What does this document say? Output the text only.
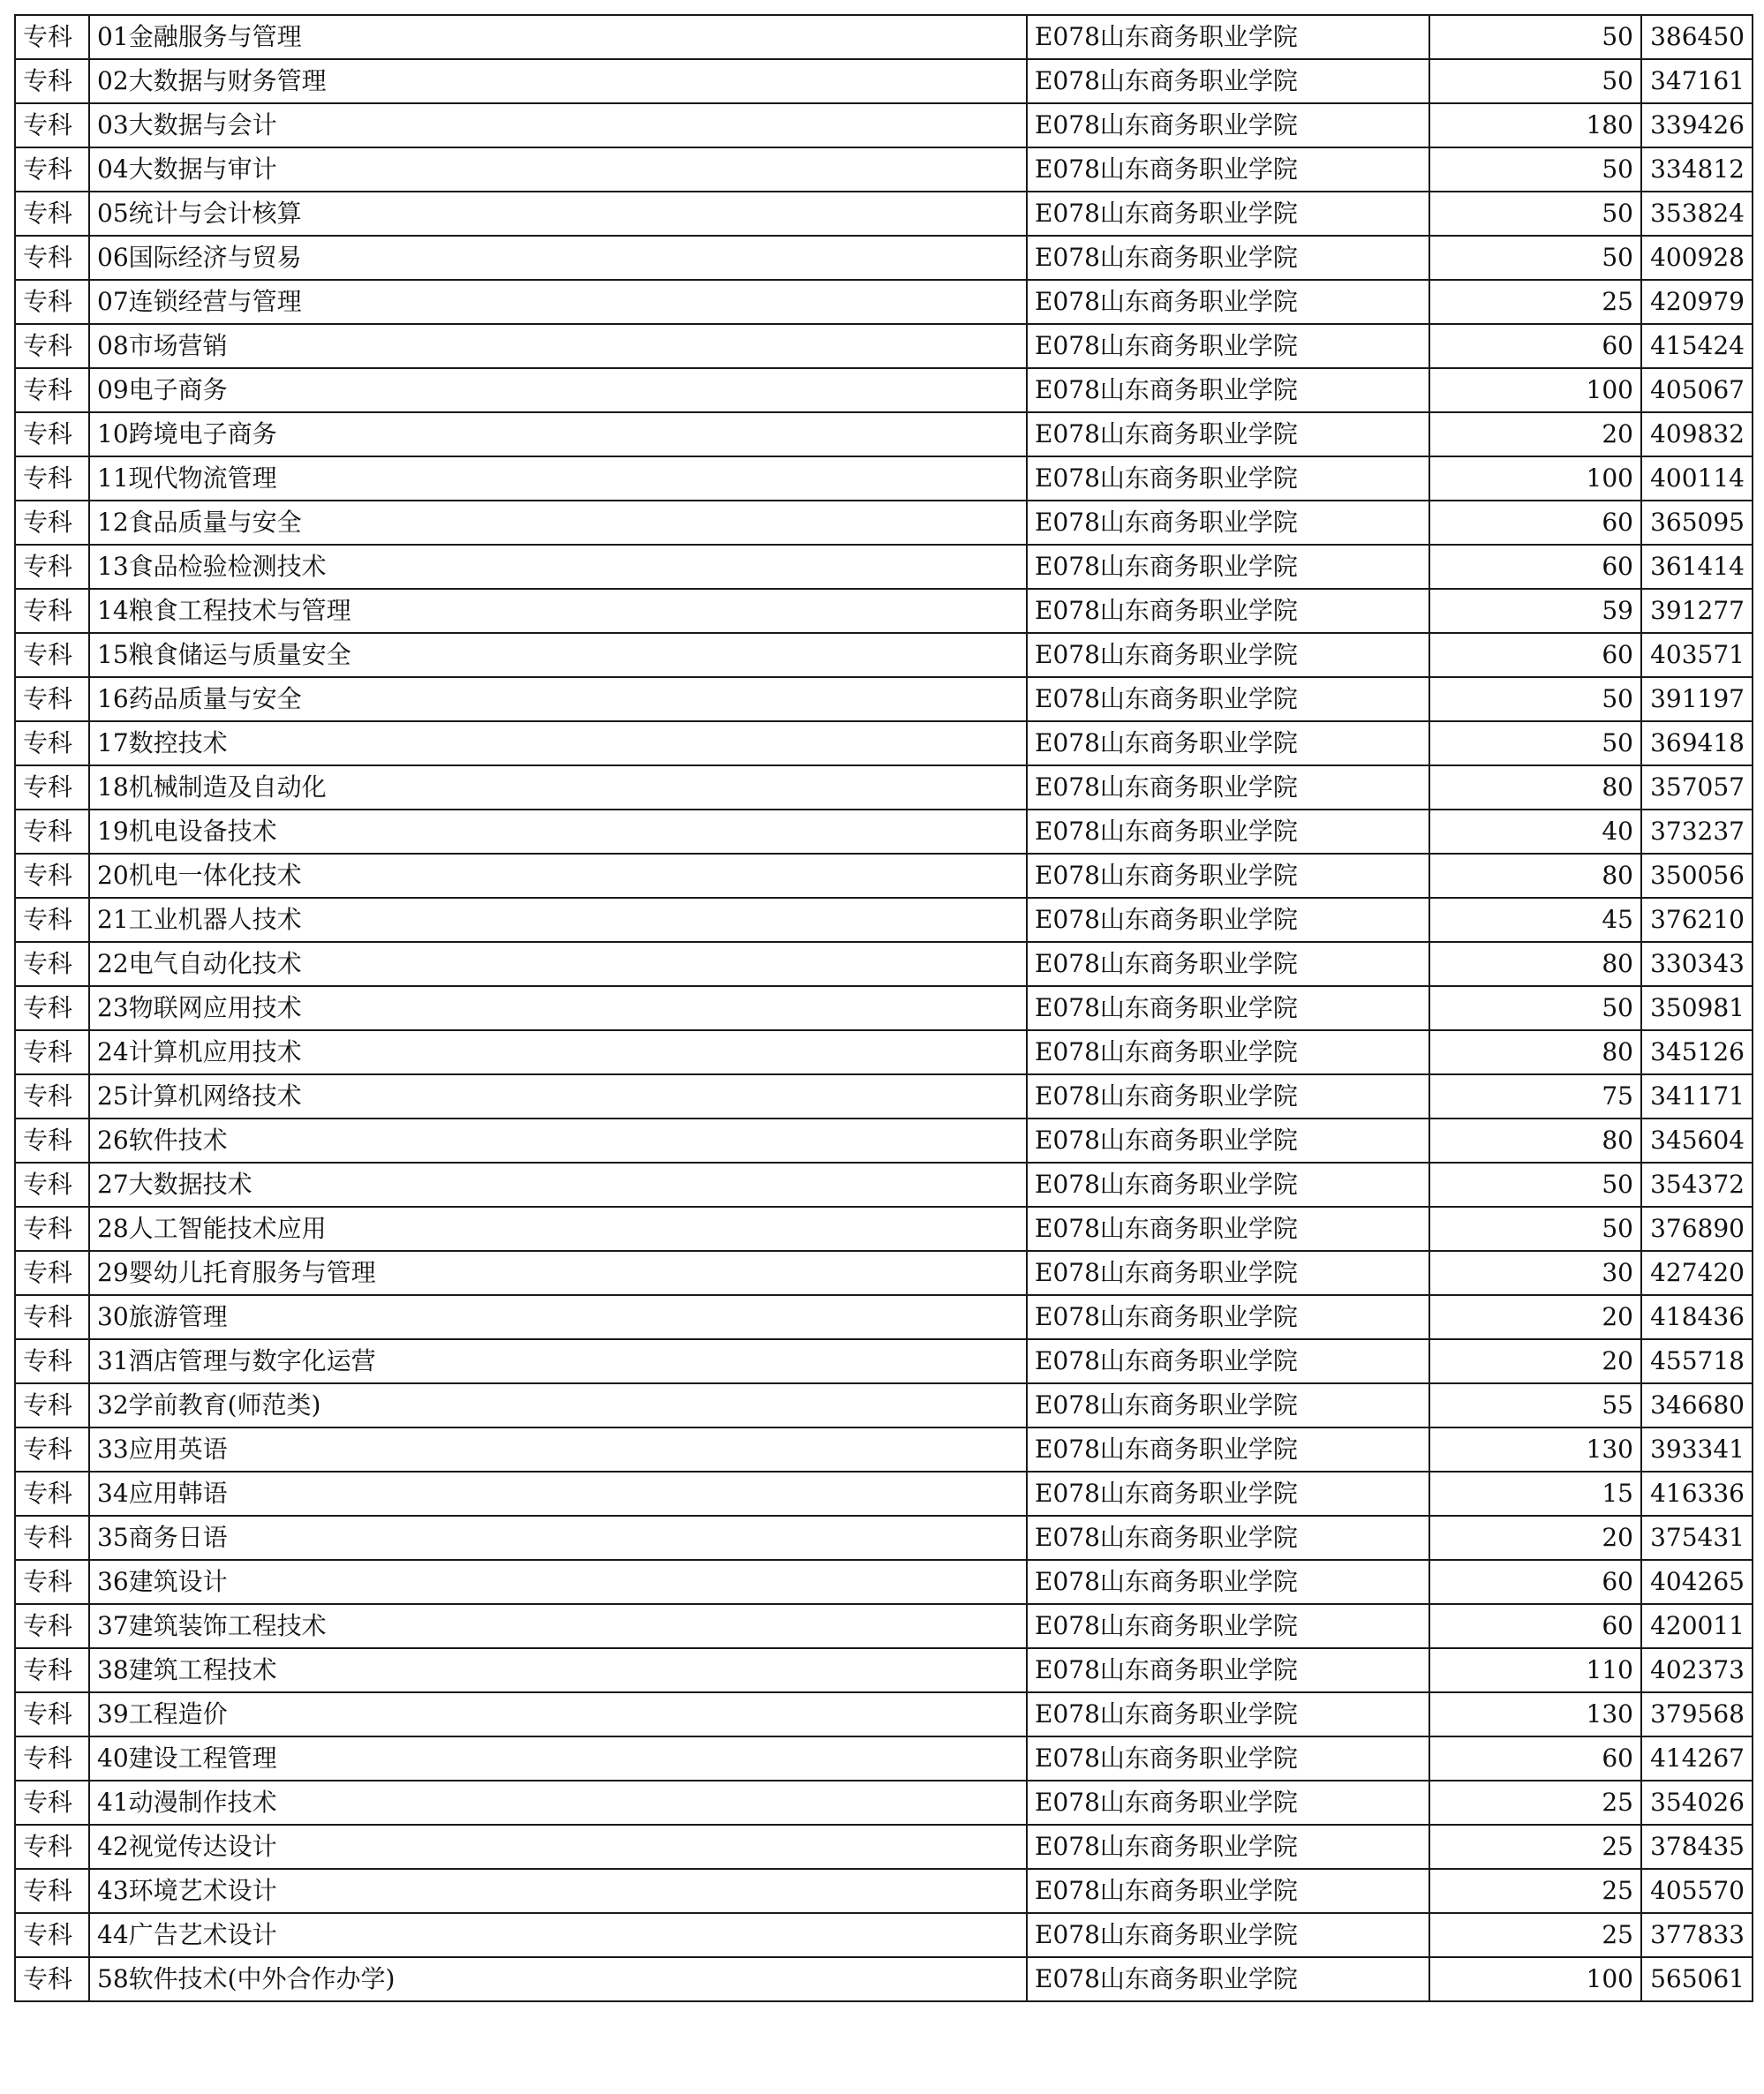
专科	01金融服务与管理	E078山东商务职业学院	50	386450
专科	02大数据与财务管理	E078山东商务职业学院	50	347161
专科	03大数据与会计	E078山东商务职业学院	180	339426
专科	04大数据与审计	E078山东商务职业学院	50	334812
专科	05统计与会计核算	E078山东商务职业学院	50	353824
专科	06国际经济与贸易	E078山东商务职业学院	50	400928
专科	07连锁经营与管理	E078山东商务职业学院	25	420979
专科	08市场营销	E078山东商务职业学院	60	415424
专科	09电子商务	E078山东商务职业学院	100	405067
专科	10跨境电子商务	E078山东商务职业学院	20	409832
专科	11现代物流管理	E078山东商务职业学院	100	400114
专科	12食品质量与安全	E078山东商务职业学院	60	365095
专科	13食品检验检测技术	E078山东商务职业学院	60	361414
专科	14粮食工程技术与管理	E078山东商务职业学院	59	391277
专科	15粮食储运与质量安全	E078山东商务职业学院	60	403571
专科	16药品质量与安全	E078山东商务职业学院	50	391197
专科	17数控技术	E078山东商务职业学院	50	369418
专科	18机械制造及自动化	E078山东商务职业学院	80	357057
专科	19机电设备技术	E078山东商务职业学院	40	373237
专科	20机电一体化技术	E078山东商务职业学院	80	350056
专科	21工业机器人技术	E078山东商务职业学院	45	376210
专科	22电气自动化技术	E078山东商务职业学院	80	330343
专科	23物联网应用技术	E078山东商务职业学院	50	350981
专科	24计算机应用技术	E078山东商务职业学院	80	345126
专科	25计算机网络技术	E078山东商务职业学院	75	341171
专科	26软件技术	E078山东商务职业学院	80	345604
专科	27大数据技术	E078山东商务职业学院	50	354372
专科	28人工智能技术应用	E078山东商务职业学院	50	376890
专科	29婴幼儿托育服务与管理	E078山东商务职业学院	30	427420
专科	30旅游管理	E078山东商务职业学院	20	418436
专科	31酒店管理与数字化运营	E078山东商务职业学院	20	455718
专科	32学前教育(师范类)	E078山东商务职业学院	55	346680
专科	33应用英语	E078山东商务职业学院	130	393341
专科	34应用韩语	E078山东商务职业学院	15	416336
专科	35商务日语	E078山东商务职业学院	20	375431
专科	36建筑设计	E078山东商务职业学院	60	404265
专科	37建筑装饰工程技术	E078山东商务职业学院	60	420011
专科	38建筑工程技术	E078山东商务职业学院	110	402373
专科	39工程造价	E078山东商务职业学院	130	379568
专科	40建设工程管理	E078山东商务职业学院	60	414267
专科	41动漫制作技术	E078山东商务职业学院	25	354026
专科	42视觉传达设计	E078山东商务职业学院	25	378435
专科	43环境艺术设计	E078山东商务职业学院	25	405570
专科	44广告艺术设计	E078山东商务职业学院	25	377833
专科	58软件技术(中外合作办学)	E078山东商务职业学院	100	565061
